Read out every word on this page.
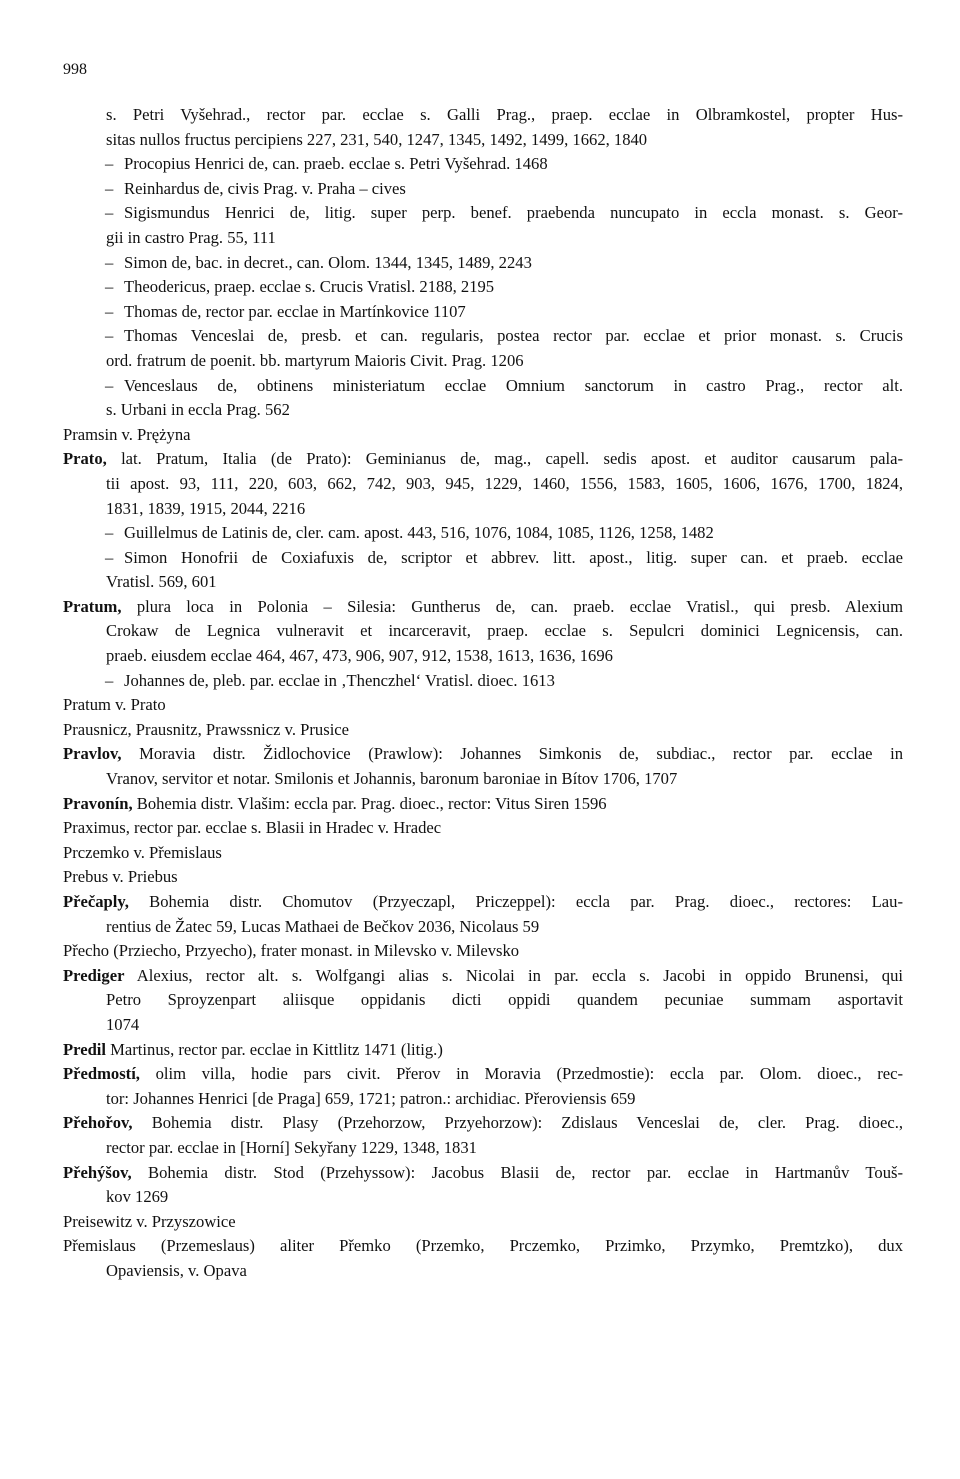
998
s. Petri Vyšehrad., rector par. ecclae s. Galli Prag., praep. ecclae in Olbramkostel, propter Hus-
sitas nullos fructus percipiens 227, 231, 540, 1247, 1345, 1492, 1499, 1662, 1840
– Procopius Henrici de, can. praeb. ecclae s. Petri Vyšehrad. 1468
– Reinhardus de, civis Prag. v. Praha – cives
– Sigismundus Henrici de, litig. super perp. benef. praebenda nuncupato in eccla monast. s. Geor-
gii in castro Prag. 55, 111
– Simon de, bac. in decret., can. Olom. 1344, 1345, 1489, 2243
– Theodericus, praep. ecclae s. Crucis Vratisl. 2188, 2195
– Thomas de, rector par. ecclae in Martínkovice 1107
– Thomas Venceslai de, presb. et can. regularis, postea rector par. ecclae et prior monast. s. Crucis
ord. fratrum de poenit. bb. martyrum Maioris Civit. Prag. 1206
– Venceslaus de, obtinens ministeriatum ecclae Omnium sanctorum in castro Prag., rector alt.
s. Urbani in eccla Prag. 562
Pramsin v. Prężyna
Prato, lat. Pratum, Italia (de Prato): Geminianus de, mag., capell. sedis apost. et auditor causarum pala-
tii apost. 93, 111, 220, 603, 662, 742, 903, 945, 1229, 1460, 1556, 1583, 1605, 1606, 1676, 1700, 1824,
1831, 1839, 1915, 2044, 2216
– Guillelmus de Latinis de, cler. cam. apost. 443, 516, 1076, 1084, 1085, 1126, 1258, 1482
– Simon Honofrii de Coxiafuxis de, scriptor et abbrev. litt. apost., litig. super can. et praeb. ecclae
Vratisl. 569, 601
Pratum, plura loca in Polonia – Silesia: Guntherus de, can. praeb. ecclae Vratisl., qui presb. Alexium
Crokaw de Legnica vulneravit et incarceravit, praep. ecclae s. Sepulcri dominici Legnicensis, can.
praeb. eiusdem ecclae 464, 467, 473, 906, 907, 912, 1538, 1613, 1636, 1696
– Johannes de, pleb. par. ecclae in ‚Thenczhel‘ Vratisl. dioec. 1613
Pratum v. Prato
Prausnicz, Prausnitz, Prawssnicz v. Prusice
Pravlov, Moravia distr. Židlochovice (Prawlow): Johannes Simkonis de, subdiac., rector par. ecclae in
Vranov, servitor et notar. Smilonis et Johannis, baronum baroniae in Bítov 1706, 1707
Pravonín, Bohemia distr. Vlašim: eccla par. Prag. dioec., rector: Vitus Siren 1596
Praximus, rector par. ecclae s. Blasii in Hradec v. Hradec
Prczemko v. Přemislaus
Prebus v. Priebus
Přečaply, Bohemia distr. Chomutov (Przyeczapl, Priczeppel): eccla par. Prag. dioec., rectores: Lau-
rentius de Žatec 59, Lucas Mathaei de Bečkov 2036, Nicolaus 59
Přecho (Prziecho, Przyecho), frater monast. in Milevsko v. Milevsko
Prediger Alexius, rector alt. s. Wolfgangi alias s. Nicolai in par. eccla s. Jacobi in oppido Brunensi, qui
Petro Sproyzenpart aliisque oppidanis dicti oppidi quandem pecuniae summam asportavit
1074
Predil Martinus, rector par. ecclae in Kittlitz 1471 (litig.)
Předmostí, olim villa, hodie pars civit. Přerov in Moravia (Przedmostie): eccla par. Olom. dioec., rec-
tor: Johannes Henrici [de Praga] 659, 1721; patron.: archidiac. Přeroviensis 659
Přehořov, Bohemia distr. Plasy (Przehorzow, Przyehorzow): Zdislaus Venceslai de, cler. Prag. dioec.,
rector par. ecclae in [Horní] Sekyřany 1229, 1348, 1831
Přehýšov, Bohemia distr. Stod (Przehyssow): Jacobus Blasii de, rector par. ecclae in Hartmanův Touš-
kov 1269
Preisewitz v. Przyszowice
Přemislaus (Przemeslaus) aliter Přemko (Przemko, Prczemko, Przimko, Przymko, Premtzko), dux
Opaviensis, v. Opava
